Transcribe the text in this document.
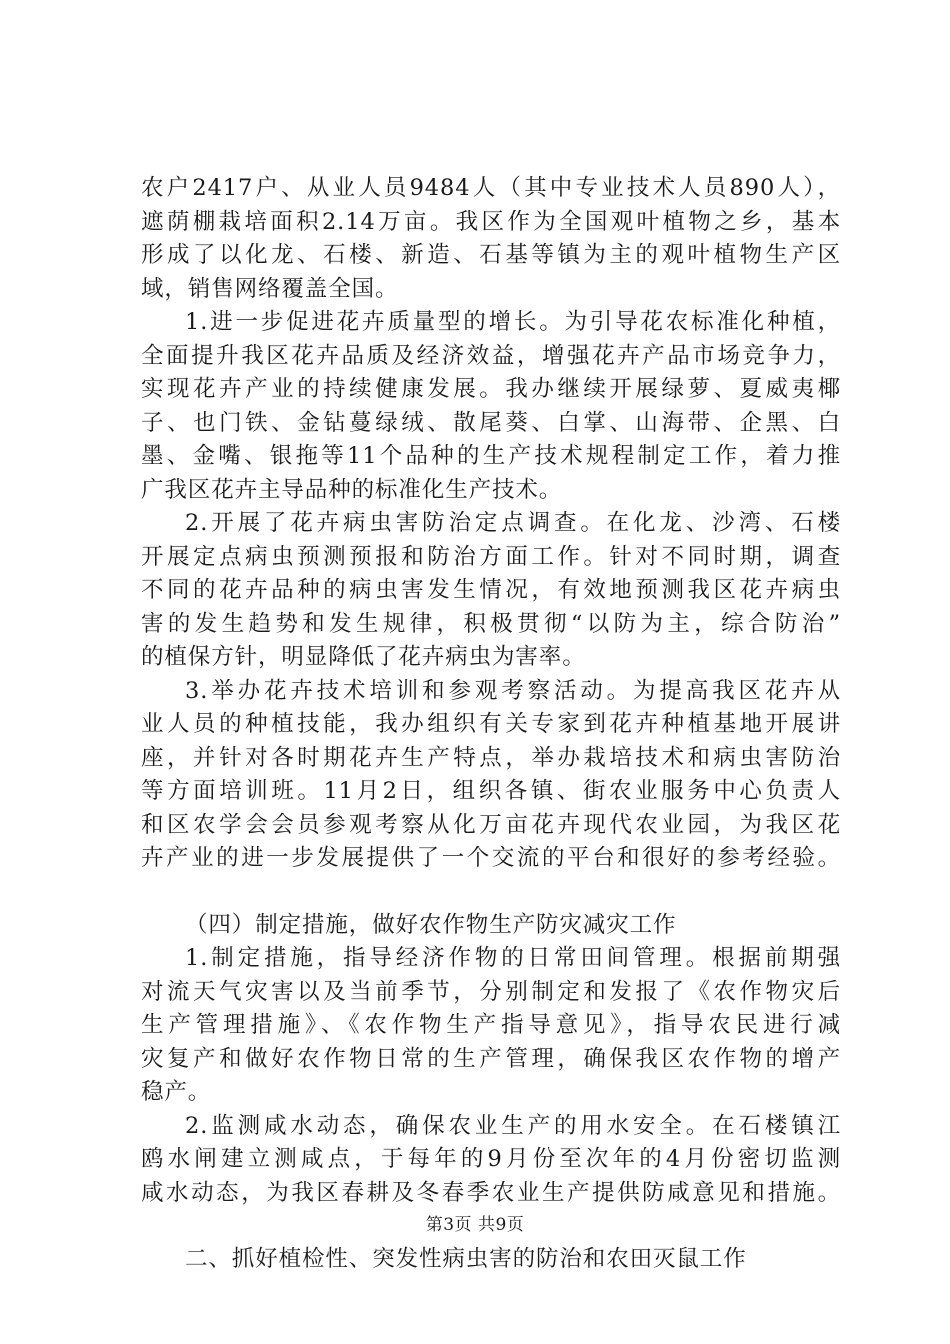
农户2417户、从业人员9484人（其中专业技术人员890人），
遮荫棚栽培面积2.14万亩。我区作为全国观叶植物之乡，基本
形成了以化龙、石楼、新造、石基等镇为主的观叶植物生产区
域，销售网络覆盖全国。
1.进一步促进花卉质量型的增长。为引导花农标准化种植，
全面提升我区花卉品质及经济效益，增强花卉产品市场竞争力，
实现花卉产业的持续健康发展。我办继续开展绿萝、夏威夷椰
子、也门铁、金钻蔓绿绒、散尾葵、白掌、山海带、企黑、白
墨、金嘴、银拖等11个品种的生产技术规程制定工作，着力推
广我区花卉主导品种的标准化生产技术。
2.开展了花卉病虫害防治定点调查。在化龙、沙湾、石楼
开展定点病虫预测预报和防治方面工作。针对不同时期，调查
不同的花卉品种的病虫害发生情况，有效地预测我区花卉病虫
害的发生趋势和发生规律，积极贯彻“以防为主，综合防治”
的植保方针，明显降低了花卉病虫为害率。
3.举办花卉技术培训和参观考察活动。为提高我区花卉从
业人员的种植技能，我办组织有关专家到花卉种植基地开展讲
座，并针对各时期花卉生产特点，举办栽培技术和病虫害防治
等方面培训班。11月2日，组织各镇、街农业服务中心负责人
和区农学会会员参观考察从化万亩花卉现代农业园，为我区花
卉产业的进一步发展提供了一个交流的平台和很好的参考经验。
（四）制定措施，做好农作物生产防灾减灾工作
1.制定措施，指导经济作物的日常田间管理。根据前期强
对流天气灾害以及当前季节，分别制定和发报了《农作物灾后
生产管理措施》、《农作物生产指导意见》，指导农民进行减
灾复产和做好农作物日常的生产管理，确保我区农作物的增产
稳产。
2.监测咸水动态，确保农业生产的用水安全。在石楼镇江
鸥水闸建立测咸点，于每年的9月份至次年的4月份密切监测
咸水动态，为我区春耕及冬春季农业生产提供防咸意见和措施。
二、抓好植检性、突发性病虫害的防治和农田灭鼠工作
第3页 共9页
